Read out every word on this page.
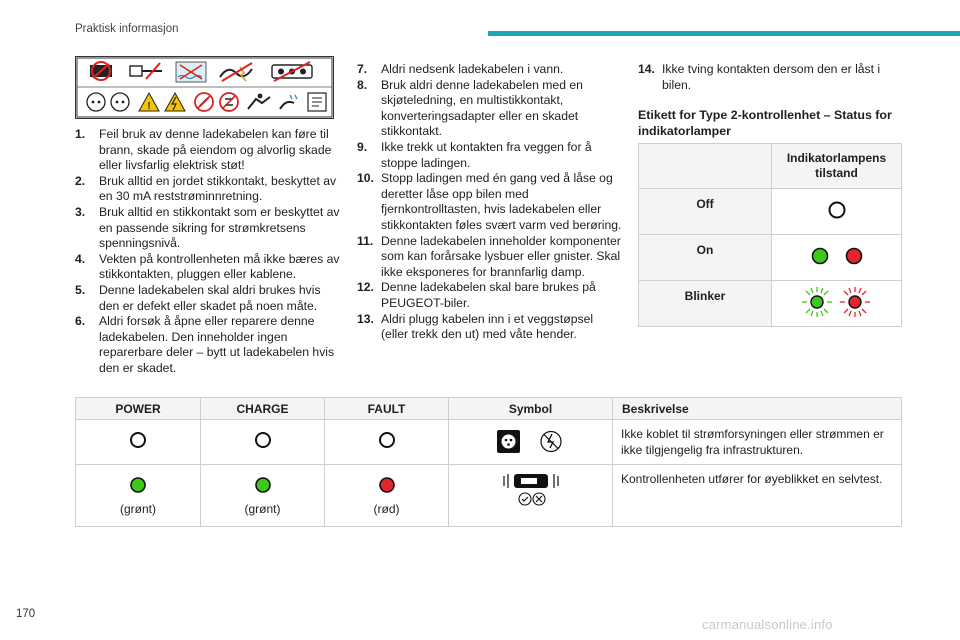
Praktisk informasjon
!
1. Feil bruk av denne ladekabelen kan føre til brann, skade på eiendom og alvorlig skade eller livsfarlig elektrisk støt!
2. Bruk alltid en jordet stikkontakt, beskyttet av en 30 mA reststrøminnretning.
3. Bruk alltid en stikkontakt som er beskyttet av en passende sikring for strømkretsens spenningsnivå.
4. Vekten på kontrollenheten må ikke bæres av stikkontakten, pluggen eller kablene.
5. Denne ladekabelen skal aldri brukes hvis den er defekt eller skadet på noen måte.
6. Aldri forsøk å åpne eller reparere denne ladekabelen. Den inneholder ingen reparerbare deler – bytt ut ladekabelen hvis den er skadet.
7. Aldri nedsenk ladekabelen i vann.
8. Bruk aldri denne ladekabelen med en skjøteledning, en multistikkontakt, konverteringsadapter eller en skadet stikkontakt.
9. Ikke trekk ut kontakten fra veggen for å stoppe ladingen.
10. Stopp ladingen med én gang ved å låse og deretter låse opp bilen med fjernkontrolltasten, hvis ladekabelen eller stikkontakten føles svært varm ved berøring.
11. Denne ladekabelen inneholder komponenter som kan forårsake lysbuer eller gnister. Skal ikke eksponeres for brannfarlig damp.
12. Denne ladekabelen skal bare brukes på PEUGEOT-biler.
13. Aldri plugg kabelen inn i et veggstøpsel (eller trekk den ut) med våte hender.
14. Ikke tving kontakten dersom den er låst i bilen.
Etikett for Type 2-kontrollenhet – Status for indikatorlamper
	Indikatorlampens tilstand
Off	
On	
Blinker	
POWER	CHARGE	FAULT	Symbol	Beskrivelse
				Ikke koblet til strømforsyningen eller strømmen er ikke tilgjengelig fra infrastrukturen.

(grønt)	(grønt)	(rød)		Kontrollenheten utfører for øyeblikket en selvtest.
170
carmanualsonline.info
